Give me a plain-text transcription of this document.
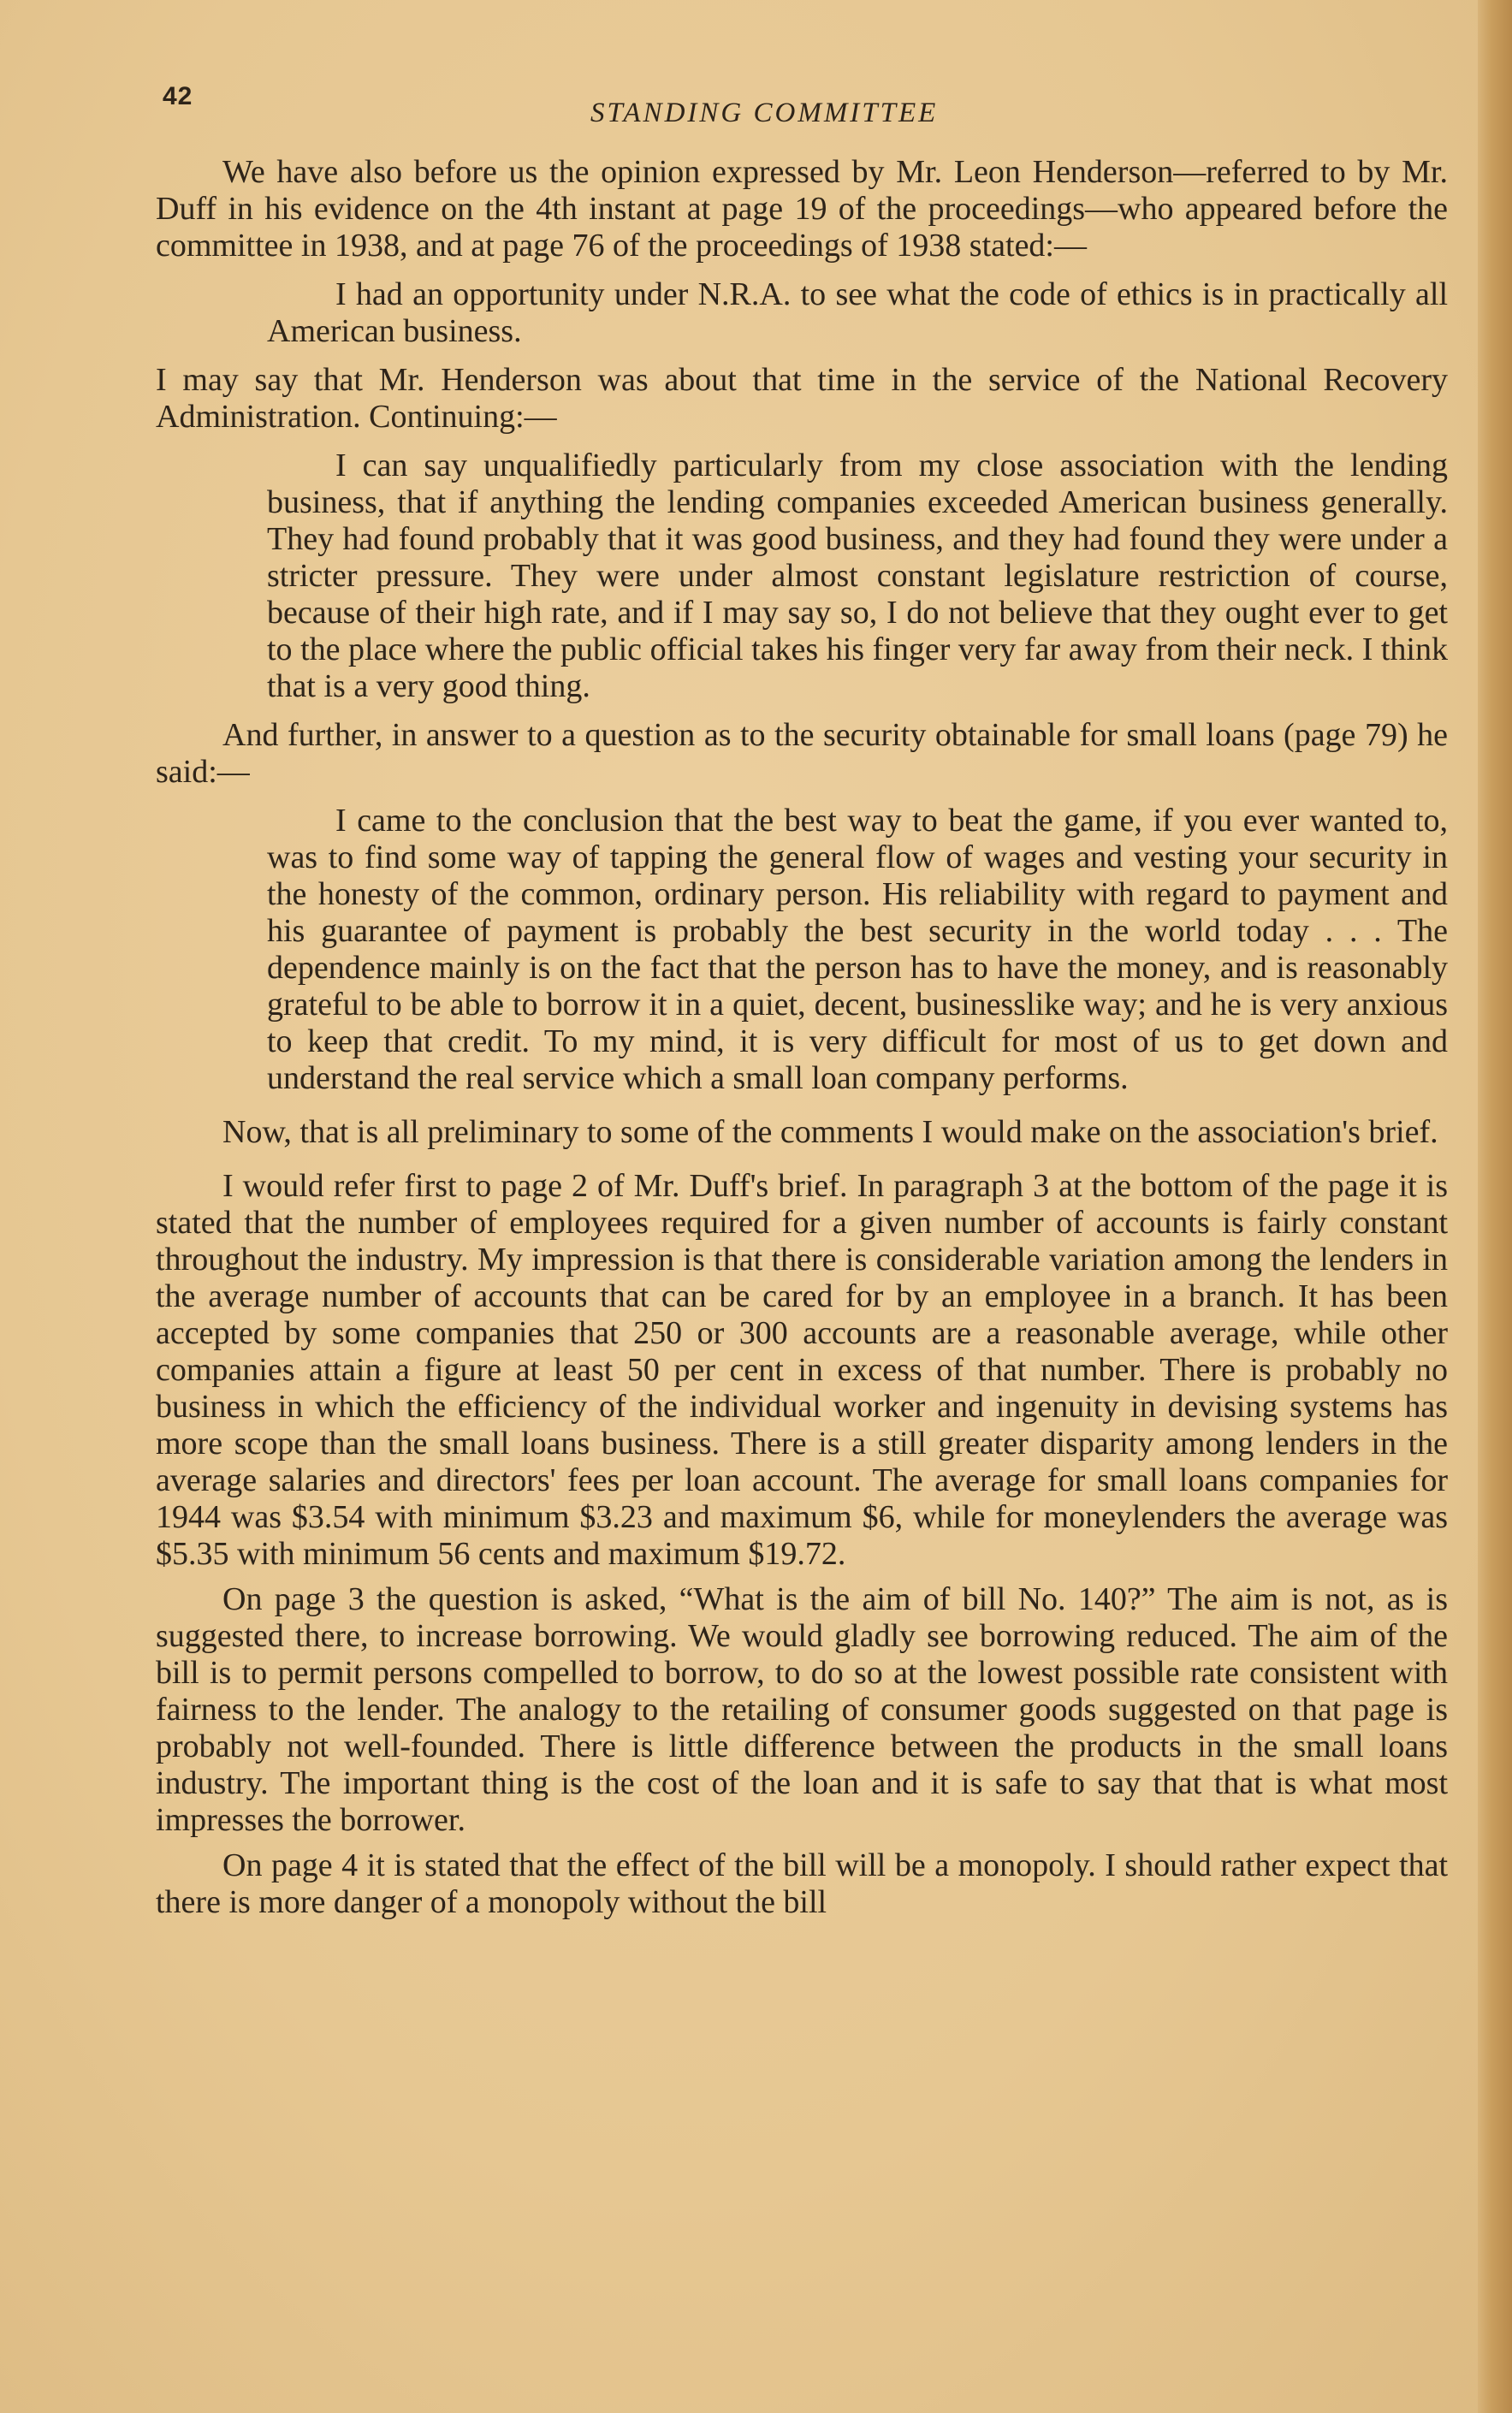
42
STANDING COMMITTEE

We have also before us the opinion expressed by Mr. Leon Henderson—referred to by Mr. Duff in his evidence on the 4th instant at page 19 of the proceedings—who appeared before the committee in 1938, and at page 76 of the proceedings of 1938 stated:—

I had an opportunity under N.R.A. to see what the code of ethics is in practically all American business.

I may say that Mr. Henderson was about that time in the service of the National Recovery Administration. Continuing:—

I can say unqualifiedly particularly from my close association with the lending business, that if anything the lending companies exceeded American business generally. They had found probably that it was good business, and they had found they were under a stricter pressure. They were under almost constant legislature restriction of course, because of their high rate, and if I may say so, I do not believe that they ought ever to get to the place where the public official takes his finger very far away from their neck. I think that is a very good thing.

And further, in answer to a question as to the security obtainable for small loans (page 79) he said:—

I came to the conclusion that the best way to beat the game, if you ever wanted to, was to find some way of tapping the general flow of wages and vesting your security in the honesty of the common, ordinary person. His reliability with regard to payment and his guarantee of payment is probably the best security in the world today . . . The dependence mainly is on the fact that the person has to have the money, and is reasonably grateful to be able to borrow it in a quiet, decent, businesslike way; and he is very anxious to keep that credit. To my mind, it is very difficult for most of us to get down and understand the real service which a small loan company performs.

Now, that is all preliminary to some of the comments I would make on the association's brief.

I would refer first to page 2 of Mr. Duff's brief. In paragraph 3 at the bottom of the page it is stated that the number of employees required for a given number of accounts is fairly constant throughout the industry. My impression is that there is considerable variation among the lenders in the average number of accounts that can be cared for by an employee in a branch. It has been accepted by some companies that 250 or 300 accounts are a reasonable average, while other companies attain a figure at least 50 per cent in excess of that number. There is probably no business in which the efficiency of the individual worker and ingenuity in devising systems has more scope than the small loans business. There is a still greater disparity among lenders in the average salaries and directors' fees per loan account. The average for small loans companies for 1944 was $3.54 with minimum $3.23 and maximum $6, while for moneylenders the average was $5.35 with minimum 56 cents and maximum $19.72.

On page 3 the question is asked, “What is the aim of bill No. 140?” The aim is not, as is suggested there, to increase borrowing. We would gladly see borrowing reduced. The aim of the bill is to permit persons compelled to borrow, to do so at the lowest possible rate consistent with fairness to the lender. The analogy to the retailing of consumer goods suggested on that page is probably not well-founded. There is little difference between the products in the small loans industry. The important thing is the cost of the loan and it is safe to say that that is what most impresses the borrower.

On page 4 it is stated that the effect of the bill will be a monopoly. I should rather expect that there is more danger of a monopoly without the bill
